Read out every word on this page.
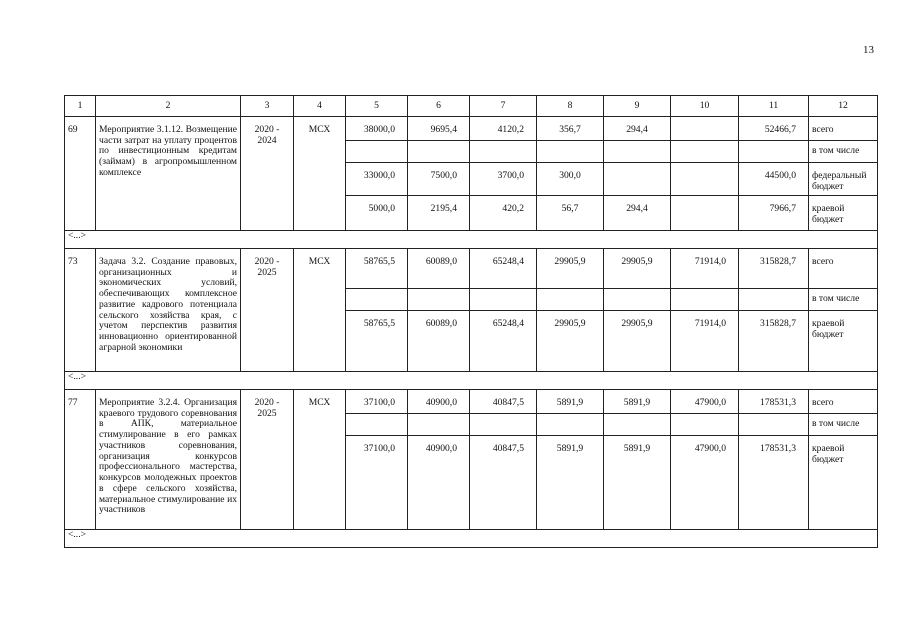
13
1	2	3	4	5	6	7	8	9	10	11	12
69	Мероприятие 3.1.12. Возмещение части затрат на уплату процентов по инвестиционным кредитам (займам) в агропромышленном комплексе	2020 - 2024	МСХ	38000,0	9695,4	4120,2	356,7	294,4		52466,7	всего
											в том числе
				33000,0	7500,0	3700,0	300,0			44500,0	федеральный бюджет
				5000,0	2195,4	420,2	56,7	294,4		7966,7	краевой бюджет
<...>											
73	Задача 3.2. Создание правовых, организационных и экономических условий, обеспечивающих комплексное развитие кадрового потенциала сельского хозяйства края, с учетом перспектив развития инновационно ориентированной аграрной экономики	2020 - 2025	МСХ	58765,5	60089,0	65248,4	29905,9	29905,9	71914,0	315828,7	всего
											в том числе
				58765,5	60089,0	65248,4	29905,9	29905,9	71914,0	315828,7	краевой бюджет
<...>											
77	Мероприятие 3.2.4. Организация краевого трудового соревнования в АПК, материальное стимулирование в его рамках участников соревнования, организация конкурсов профессионального мастерства, конкурсов молодежных проектов в сфере сельского хозяйства, материальное стимулирование их участников	2020 - 2025	МСХ	37100,0	40900,0	40847,5	5891,9	5891,9	47900,0	178531,3	всего
											в том числе
				37100,0	40900,0	40847,5	5891,9	5891,9	47900,0	178531,3	краевой бюджет
<...>											
